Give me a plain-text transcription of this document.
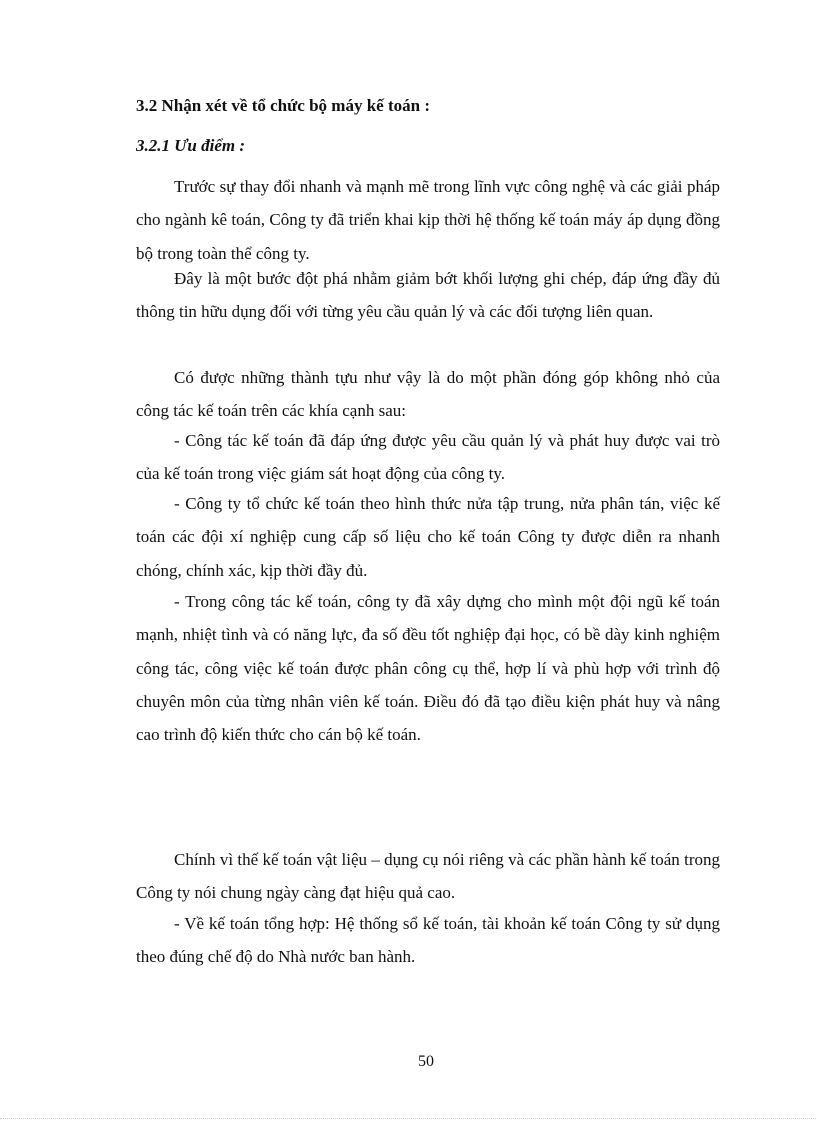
3.2 Nhận xét về tổ chức bộ máy kế toán :
3.2.1 Ưu điểm :

Trước sự thay đổi nhanh và mạnh mẽ trong lĩnh vực công nghệ và các giải pháp cho ngành kê toán, Công ty đã triển khai kịp thời hệ thống kế toán máy áp dụng đồng bộ trong toàn thể công ty.

Đây là một bước đột phá nhằm giảm bớt khối lượng ghi chép, đáp ứng đầy đủ thông tin hữu dụng đối với từng yêu cầu quản lý và các đối tượng liên quan.

Có được những thành tựu như vậy là do một phần đóng góp không nhỏ của công tác kế toán trên các khía cạnh sau:

- Công tác kế toán đã đáp ứng được yêu cầu quản lý và phát huy được vai trò của kế toán trong việc giám sát hoạt động của công ty.

- Công ty tổ chức kế toán theo hình thức nửa tập trung, nửa phân tán, việc kế toán các đội xí nghiệp cung cấp số liệu cho kế toán Công ty được diễn ra nhanh chóng, chính xác, kịp thời đầy đủ.

- Trong công tác kế toán, công ty đã xây dựng cho mình một đội ngũ kế toán mạnh, nhiệt tình và có năng lực, đa số đều tốt nghiệp đại học, có bề dày kinh nghiệm công tác, công việc kế toán được phân công cụ thể, hợp lí và phù hợp với trình độ chuyên môn của từng nhân viên kế toán. Điều đó đã tạo điều kiện phát huy và nâng cao trình độ kiến thức cho cán bộ kế toán.

Chính vì thế kế toán vật liệu – dụng cụ nói riêng và các phần hành kế toán trong Công ty nói chung ngày càng đạt hiệu quả cao.

- Về kế toán tổng hợp: Hệ thống sổ kế toán, tài khoản kế toán Công ty sử dụng theo đúng chế độ do Nhà nước ban hành.

50
